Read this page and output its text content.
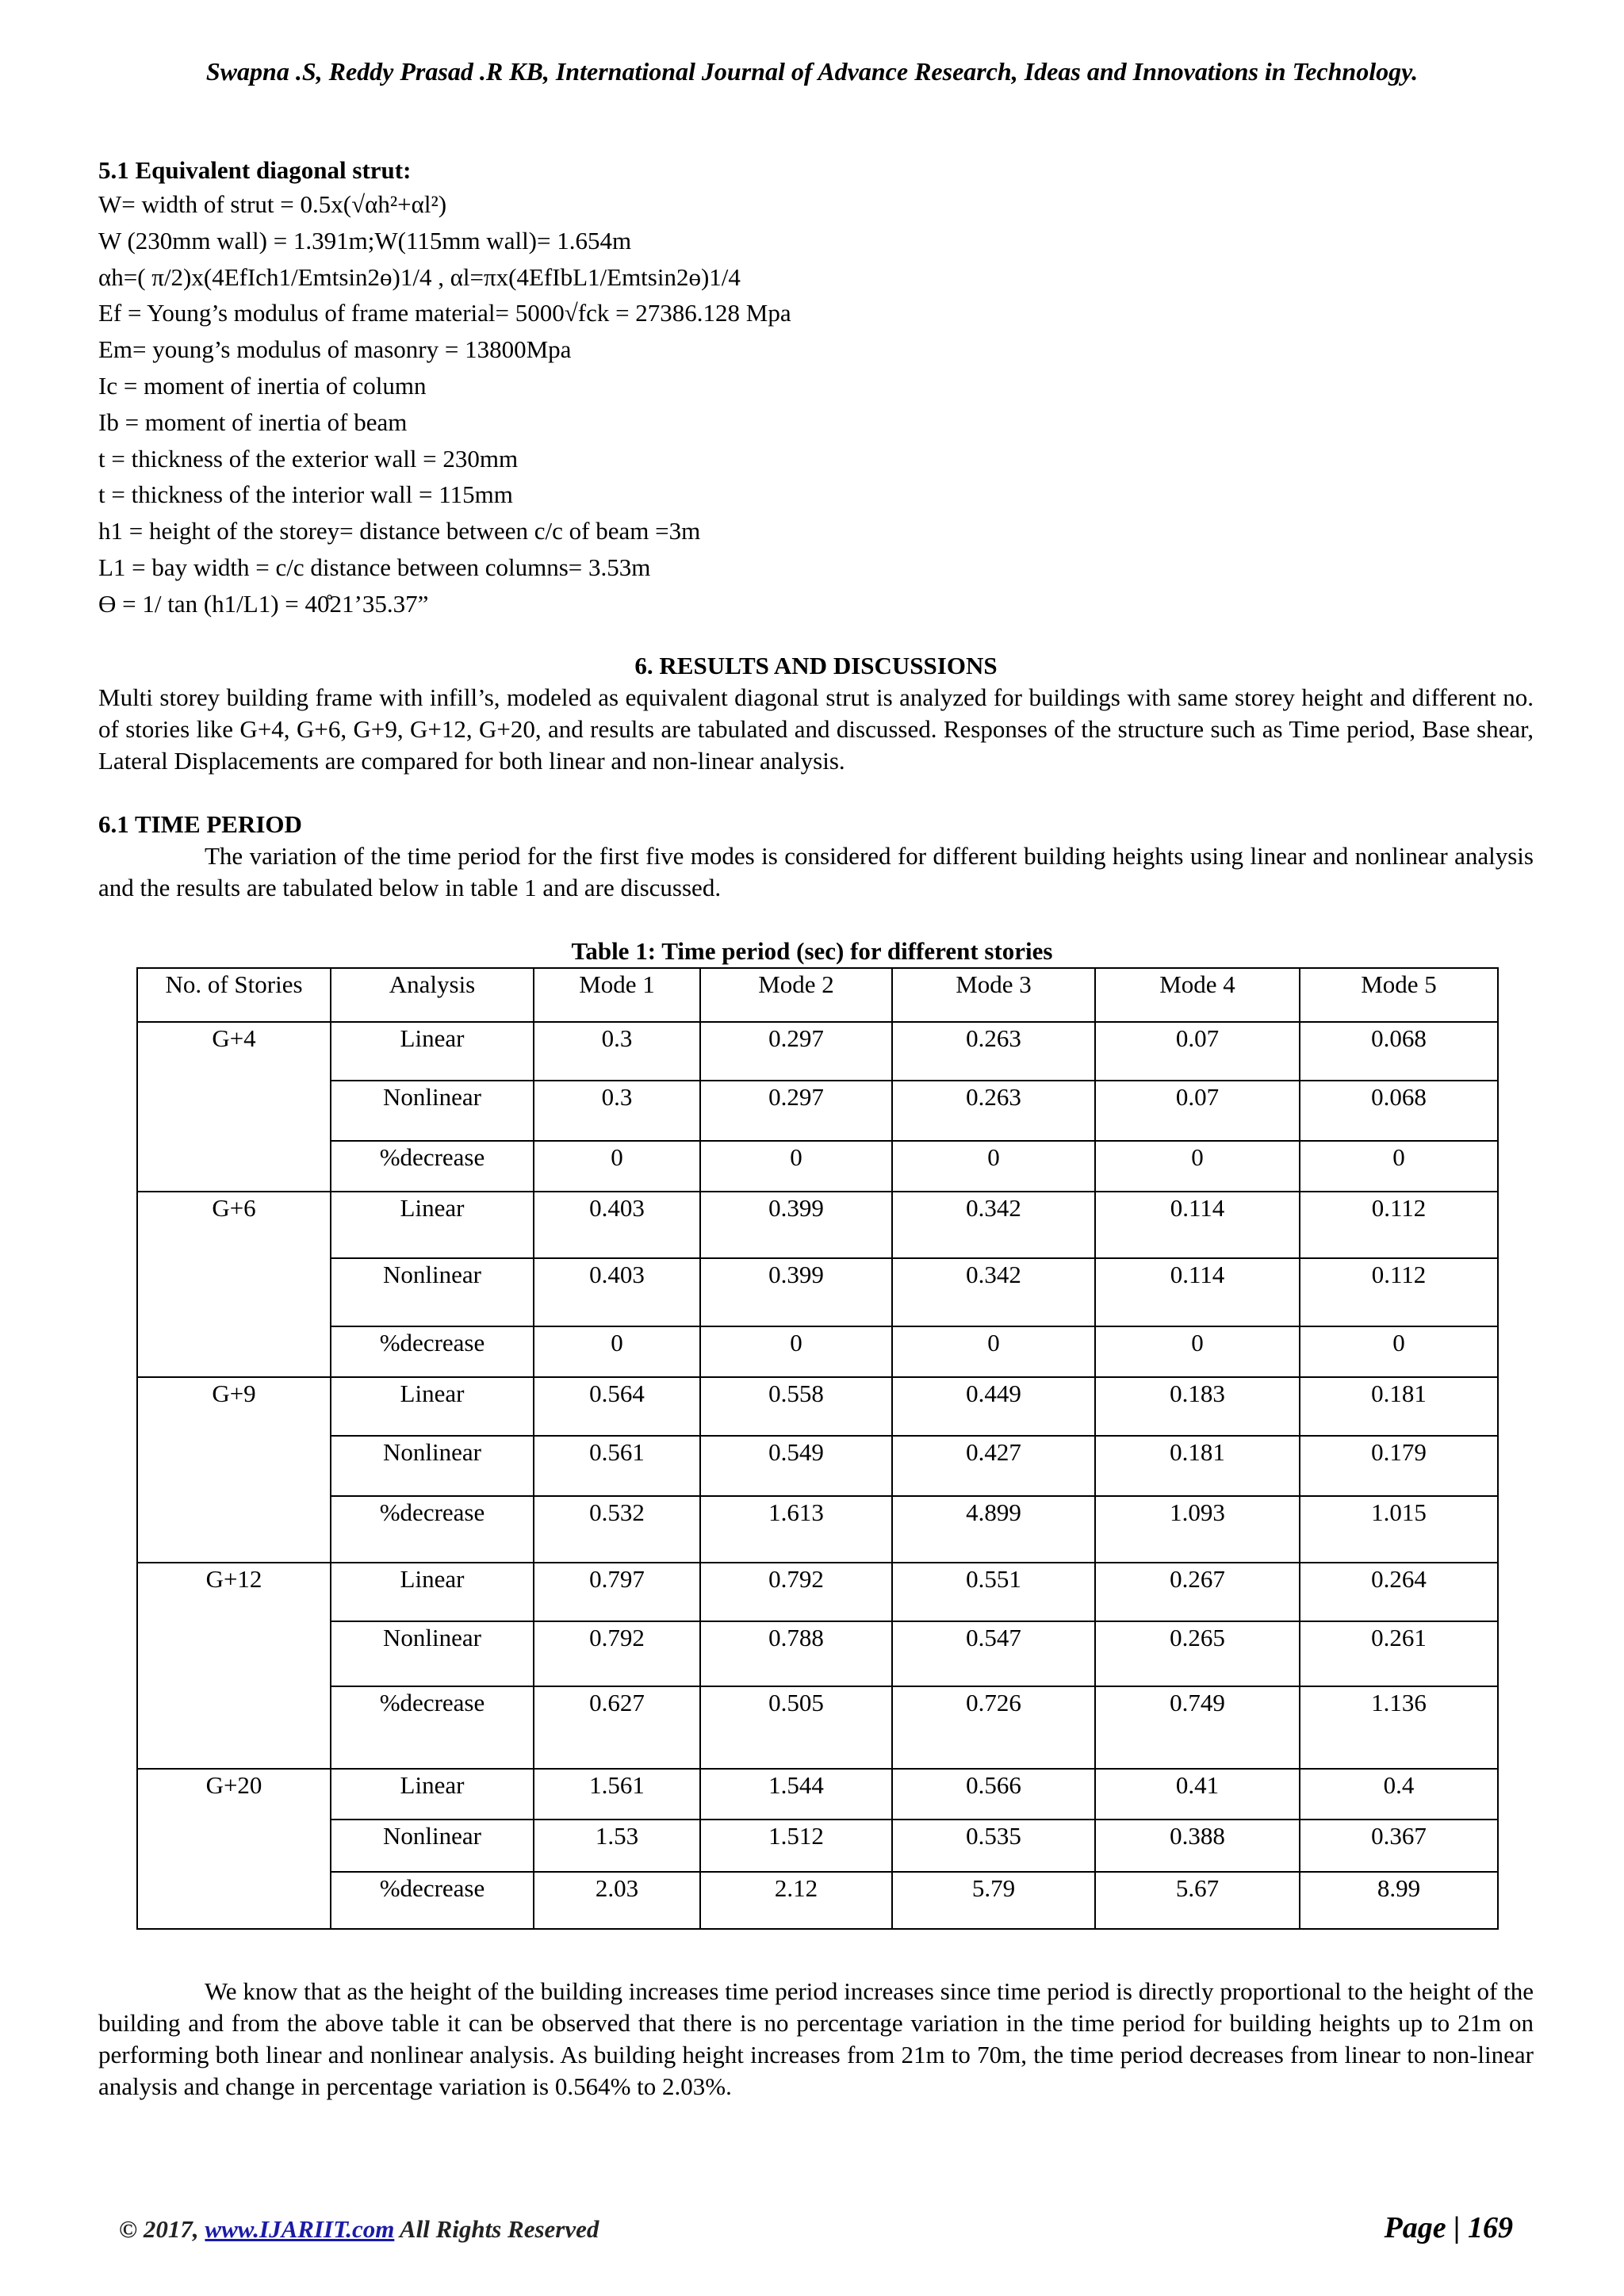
Swapna .S, Reddy Prasad .R KB, International Journal of Advance Research, Ideas and Innovations in Technology.

5.1 Equivalent diagonal strut:

W= width of strut = 0.5x(√αh²+αl²)
W (230mm wall) = 1.391m;W(115mm wall)= 1.654m
αh=( π/2)x(4EfIch1/Emtsin2ɵ)1/4 , αl=πx(4EfIbL1/Emtsin2ɵ)1/4
Ef = Young’s modulus of frame material= 5000√fck = 27386.128 Mpa
Em= young’s modulus of masonry = 13800Mpa
Ic = moment of inertia of column
Ib = moment of inertia of beam
t = thickness of the exterior wall = 230mm
t = thickness of the interior wall = 115mm
h1 = height of the storey= distance between c/c of beam =3m
L1 = bay width = c/c distance between columns= 3.53m
Ɵ = 1/ tan (h1/L1) = 40̊21’35.37”

6. RESULTS AND DISCUSSIONS

Multi storey building frame with infill’s, modeled as equivalent diagonal strut is analyzed for buildings with same storey height and different no. of stories like G+4, G+6, G+9, G+12, G+20, and results are tabulated and discussed. Responses of the structure such as Time period, Base shear, Lateral Displacements are compared for both linear and non-linear analysis.

6.1 TIME PERIOD

The variation of the time period for the first five modes is considered for different building heights using linear and nonlinear analysis and the results are tabulated below in table 1 and are discussed.

Table 1: Time period (sec) for different stories
No. of Stories	Analysis	Mode 1	Mode 2	Mode 3	Mode 4	Mode 5
G+4	Linear	0.3	0.297	0.263	0.07	0.068
	Nonlinear	0.3	0.297	0.263	0.07	0.068
	%decrease	0	0	0	0	0
G+6	Linear	0.403	0.399	0.342	0.114	0.112
	Nonlinear	0.403	0.399	0.342	0.114	0.112
	%decrease	0	0	0	0	0
G+9	Linear	0.564	0.558	0.449	0.183	0.181
	Nonlinear	0.561	0.549	0.427	0.181	0.179
	%decrease	0.532	1.613	4.899	1.093	1.015
G+12	Linear	0.797	0.792	0.551	0.267	0.264
	Nonlinear	0.792	0.788	0.547	0.265	0.261
	%decrease	0.627	0.505	0.726	0.749	1.136
G+20	Linear	1.561	1.544	0.566	0.41	0.4
	Nonlinear	1.53	1.512	0.535	0.388	0.367
	%decrease	2.03	2.12	5.79	5.67	8.99

We know that as the height of the building increases time period increases since time period is directly proportional to the height of the building and from the above table it can be observed that there is no percentage variation in the time period for building heights up to 21m on performing both linear and nonlinear analysis. As building height increases from 21m to 70m, the time period decreases from linear to non-linear analysis and change in percentage variation is 0.564% to 2.03%.

© 2017, www.IJARIIT.com All Rights Reserved	Page | 169
